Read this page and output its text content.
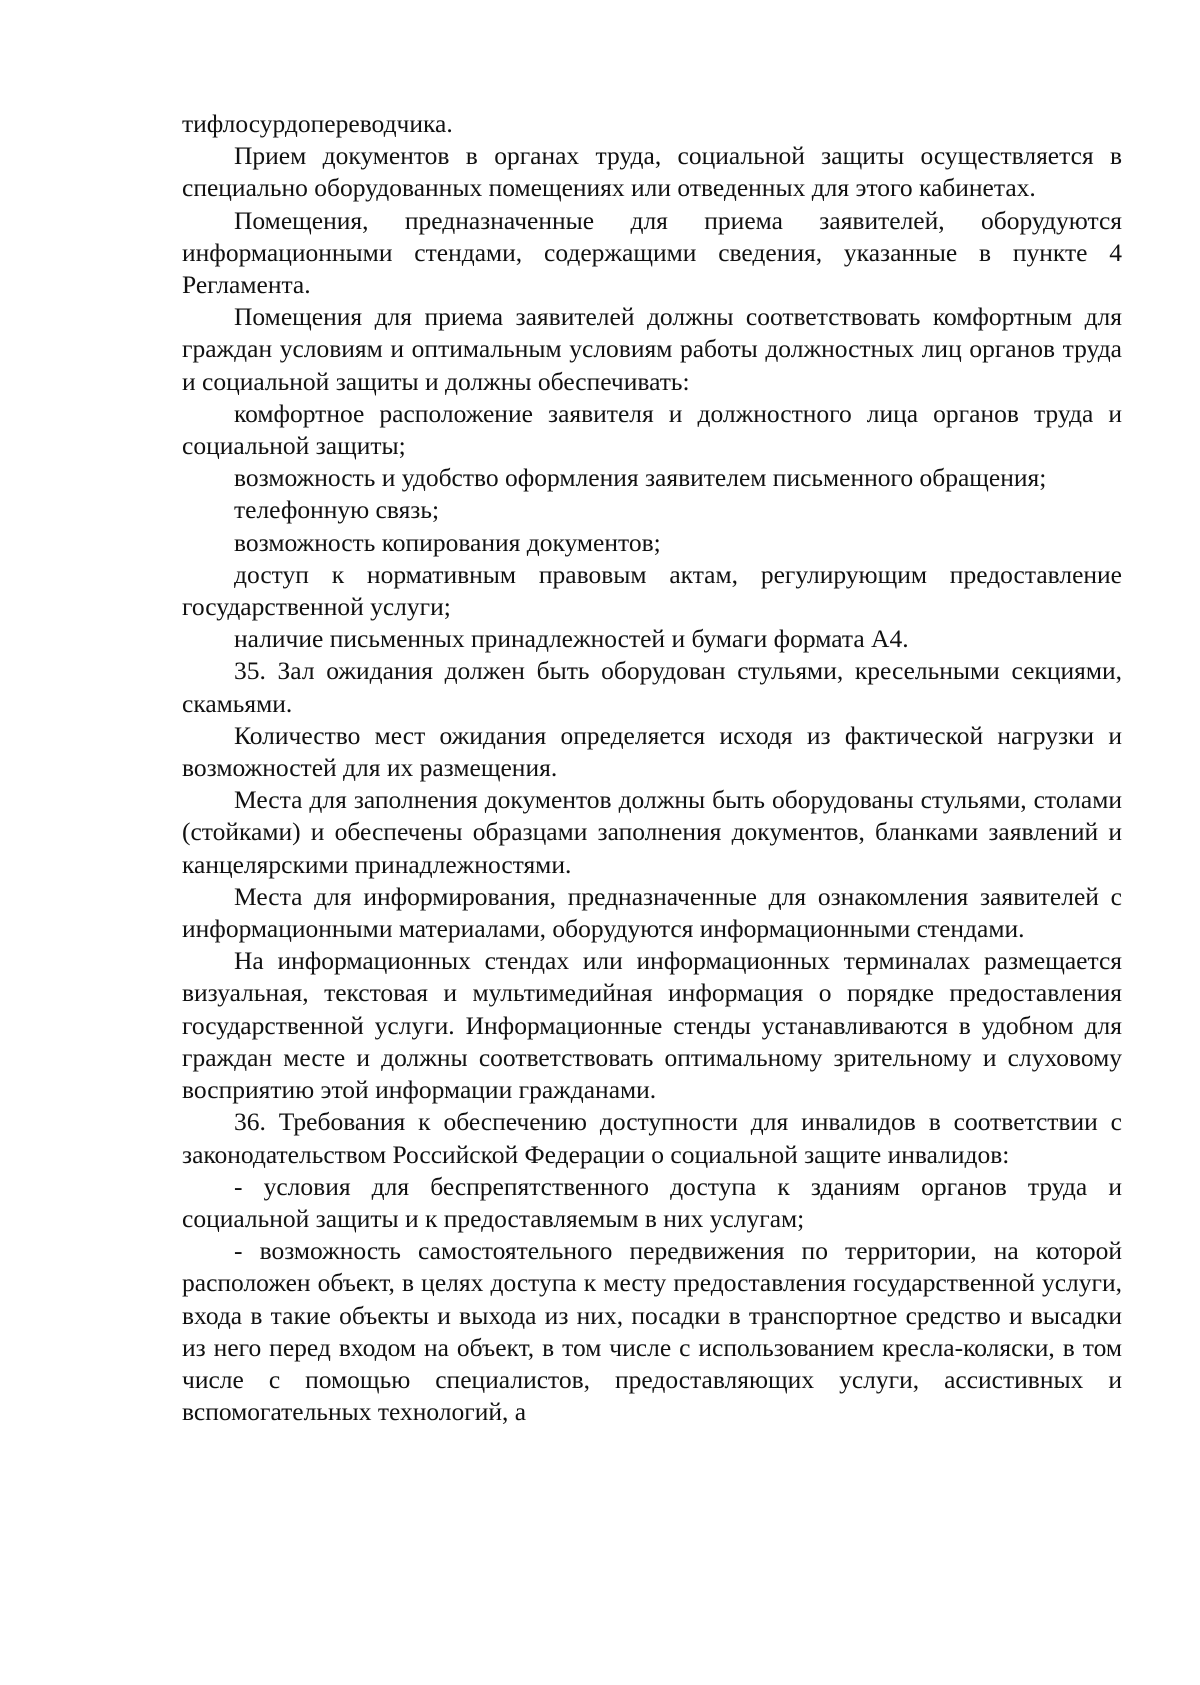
тифлосурдопереводчика.

Прием документов в органах труда, социальной защиты осуществляется в специально оборудованных помещениях или отведенных для этого кабинетах.

Помещения, предназначенные для приема заявителей, оборудуются информационными стендами, содержащими сведения, указанные в пункте 4 Регламента.

Помещения для приема заявителей должны соответствовать комфортным для граждан условиям и оптимальным условиям работы должностных лиц органов труда и социальной защиты и должны обеспечивать:

комфортное расположение заявителя и должностного лица органов труда и социальной защиты;

возможность и удобство оформления заявителем письменного обращения;

телефонную связь;

возможность копирования документов;

доступ к нормативным правовым актам, регулирующим предоставление государственной услуги;

наличие письменных принадлежностей и бумаги формата А4.

35. Зал ожидания должен быть оборудован стульями, кресельными секциями, скамьями.

Количество мест ожидания определяется исходя из фактической нагрузки и возможностей для их размещения.

Места для заполнения документов должны быть оборудованы стульями, столами (стойками) и обеспечены образцами заполнения документов, бланками заявлений и канцелярскими принадлежностями.

Места для информирования, предназначенные для ознакомления заявителей с информационными материалами, оборудуются информационными стендами.

На информационных стендах или информационных терминалах размещается визуальная, текстовая и мультимедийная информация о порядке предоставления государственной услуги. Информационные стенды устанавливаются в удобном для граждан месте и должны соответствовать оптимальному зрительному и слуховому восприятию этой информации гражданами.

36. Требования к обеспечению доступности для инвалидов в соответствии с законодательством Российской Федерации о социальной защите инвалидов:

- условия для беспрепятственного доступа к зданиям органов труда и социальной защиты и к предоставляемым в них услугам;

- возможность самостоятельного передвижения по территории, на которой расположен объект, в целях доступа к месту предоставления государственной услуги, входа в такие объекты и выхода из них, посадки в транспортное средство и высадки из него перед входом на объект, в том числе с использованием кресла-коляски, в том числе с помощью специалистов, предоставляющих услуги, ассистивных и вспомогательных технологий, а
